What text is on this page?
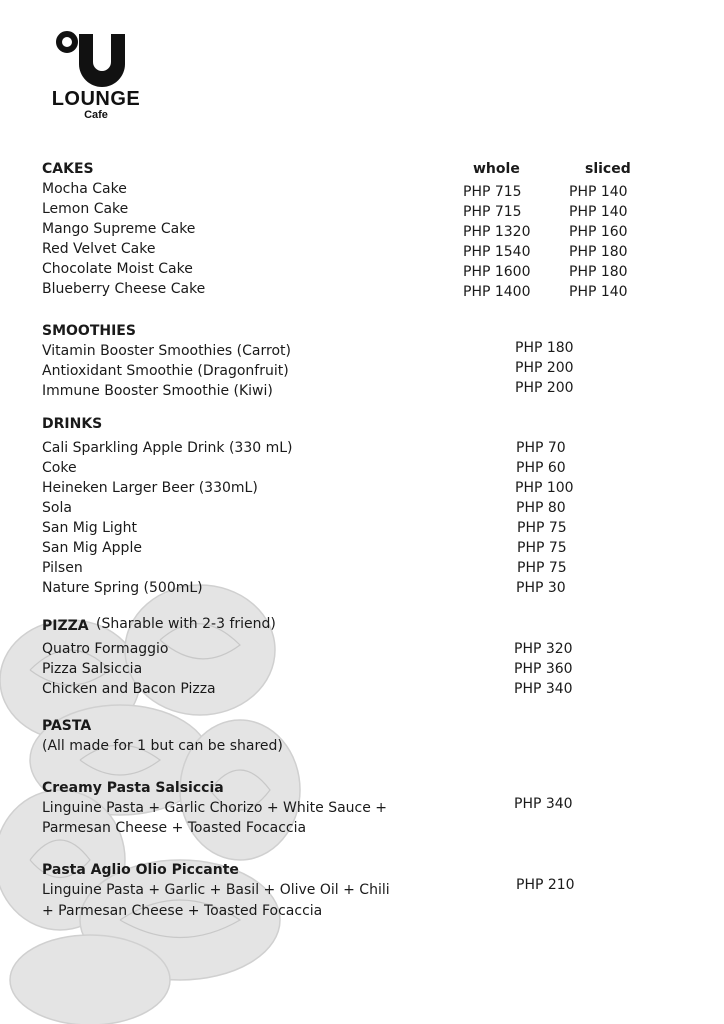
LOUNGE
Cafe
CAKES	whole	sliced
Mocha Cake	PHP 715	PHP 140
Lemon Cake	PHP 715	PHP 140
Mango Supreme Cake	PHP 1320	PHP 160
Red Velvet Cake	PHP 1540	PHP 180
Chocolate Moist Cake	PHP 1600	PHP 180
Blueberry Cheese Cake	PHP 1400	PHP 140
SMOOTHIES
Vitamin Booster Smoothies (Carrot)	PHP 180
Antioxidant Smoothie (Dragonfruit)	PHP 200
Immune Booster Smoothie (Kiwi)	PHP 200
DRINKS
Cali Sparkling Apple Drink (330 mL)	PHP 70
Coke	PHP 60
Heineken Larger Beer (330mL)	PHP 100
Sola	PHP 80
San Mig Light	PHP 75
San Mig Apple	PHP 75
Pilsen	PHP 75
Nature Spring (500mL)	PHP 30
PIZZA (Sharable with 2-3 friend)
Quatro Formaggio	PHP 320
Pizza Salsiccia	PHP 360
Chicken and Bacon Pizza	PHP 340
PASTA
(All made for 1 but can be shared)
Creamy Pasta Salsiccia
Linguine Pasta + Garlic Chorizo + White Sauce +
Parmesan Cheese + Toasted Focaccia
PHP 340
Pasta Aglio Olio Piccante
Linguine Pasta + Garlic + Basil + Olive Oil + Chili
+ Parmesan Cheese + Toasted Focaccia
PHP 210
